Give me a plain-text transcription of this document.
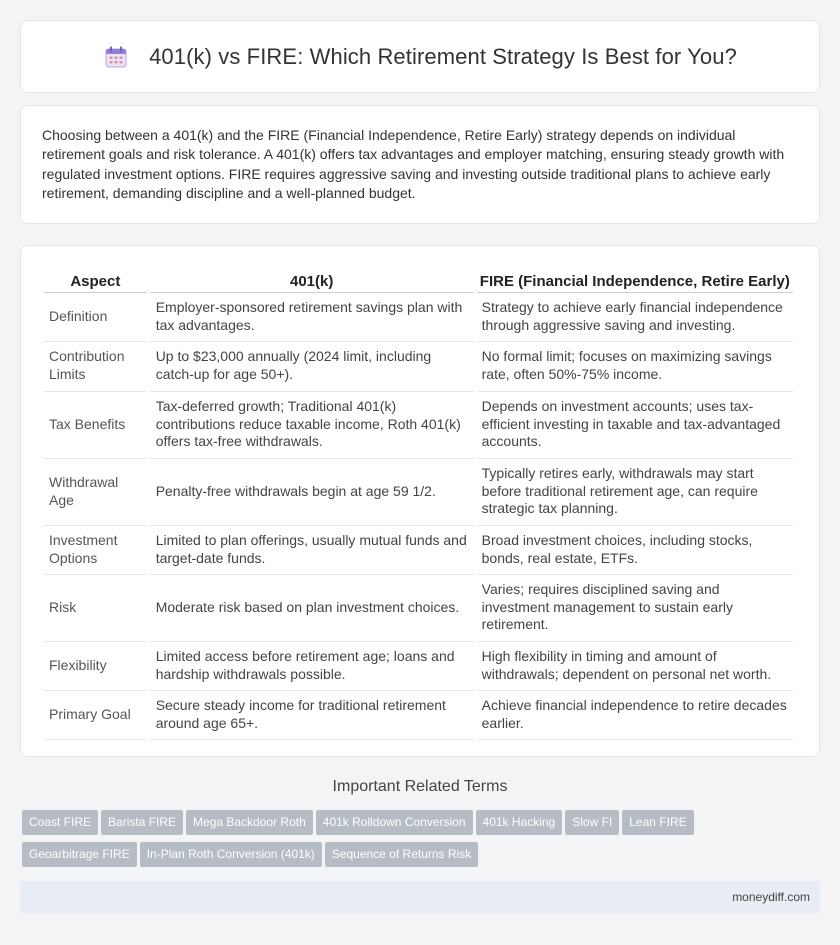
401(k) vs FIRE: Which Retirement Strategy Is Best for You?

Choosing between a 401(k) and the FIRE (Financial Independence, Retire Early) strategy depends on individual retirement goals and risk tolerance. A 401(k) offers tax advantages and employer matching, ensuring steady growth with regulated investment options. FIRE requires aggressive saving and investing outside traditional plans to achieve early retirement, demanding discipline and a well-planned budget.

Aspect	401(k)	FIRE (Financial Independence, Retire Early)
Definition	Employer-sponsored retirement savings plan with tax advantages.	Strategy to achieve early financial independence through aggressive saving and investing.
Contribution Limits	Up to $23,000 annually (2024 limit, including catch-up for age 50+).	No formal limit; focuses on maximizing savings rate, often 50%-75% income.
Tax Benefits	Tax-deferred growth; Traditional 401(k) contributions reduce taxable income, Roth 401(k) offers tax-free withdrawals.	Depends on investment accounts; uses tax-efficient investing in taxable and tax-advantaged accounts.
Withdrawal Age	Penalty-free withdrawals begin at age 59 1/2.	Typically retires early, withdrawals may start before traditional retirement age, can require strategic tax planning.
Investment Options	Limited to plan offerings, usually mutual funds and target-date funds.	Broad investment choices, including stocks, bonds, real estate, ETFs.
Risk	Moderate risk based on plan investment choices.	Varies; requires disciplined saving and investment management to sustain early retirement.
Flexibility	Limited access before retirement age; loans and hardship withdrawals possible.	High flexibility in timing and amount of withdrawals; dependent on personal net worth.
Primary Goal	Secure steady income for traditional retirement around age 65+.	Achieve financial independence to retire decades earlier.
Important Related Terms
Coast FIRE Barista FIRE Mega Backdoor Roth 401k Rolldown Conversion 401k Hacking Slow FI Lean FIRE
Geoarbitrage FIRE In-Plan Roth Conversion (401k) Sequence of Returns Risk
moneydiff.com
